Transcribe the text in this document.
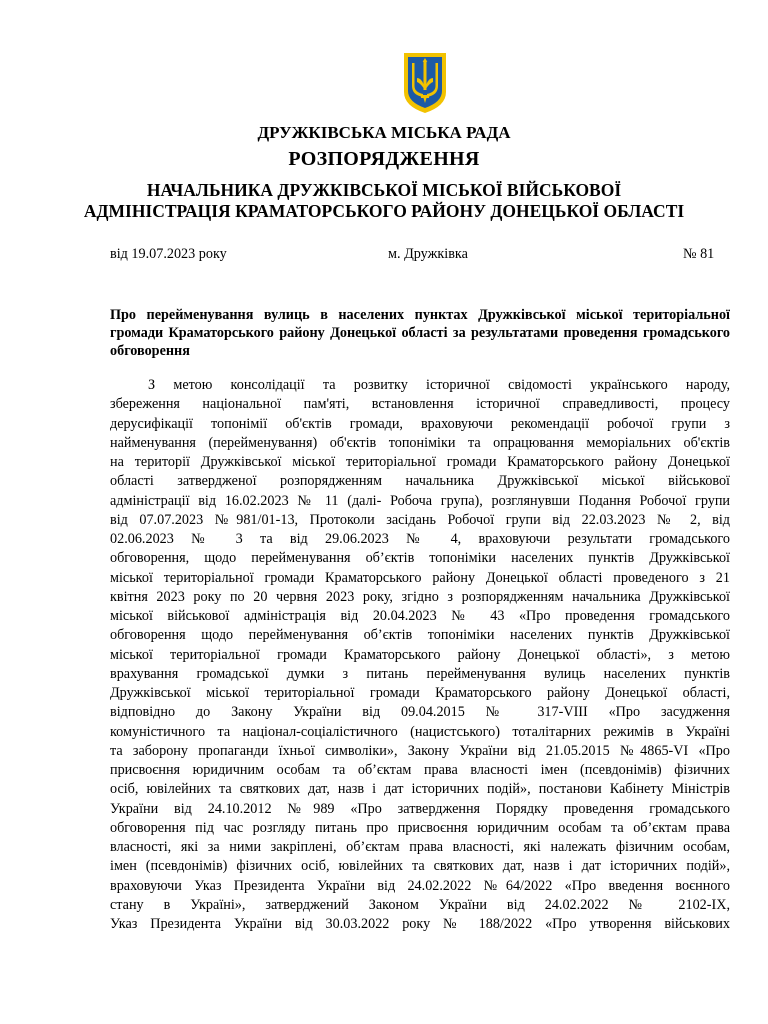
ДРУЖКІВСЬКА МІСЬКА РАДА
РОЗПОРЯДЖЕННЯ
НАЧАЛЬНИКА ДРУЖКІВСЬКОЇ МІСЬКОЇ ВІЙСЬКОВОЇ
АДМІНІСТРАЦІЯ КРАМАТОРСЬКОГО РАЙОНУ ДОНЕЦЬКОЇ ОБЛАСТІ
від 19.07.2023 року	м. Дружківка	№ 81
Про перейменування вулиць в населених пунктах Дружківської міської територіальної громади Краматорського району Донецької області за результатами проведення громадського обговорення
З метою консолідації та розвитку історичної свідомості українського народу,
збереження національної пам'яті, встановлення історичної справедливості, процесу
дерусифікації топонімії об'єктів громади, враховуючи рекомендації робочої групи з
найменування (перейменування) об'єктів топоніміки та опрацювання меморіальних об'єктів
на території Дружківської міської територіальної громади Краматорського району Донецької
області затвердженої розпорядженням начальника Дружківської міської військової
адміністрації від 16.02.2023 № 11 (далі- Робоча група), розглянувши Подання Робочої групи
від 07.07.2023 №981/01-13, Протоколи засідань Робочої групи від 22.03.2023 № 2, від
02.06.2023 № 3 та від 29.06.2023 № 4, враховуючи результати громадського
обговорення, щодо перейменування об’єктів топоніміки населених пунктів Дружківської
міської територіальної громади Краматорського району Донецької області проведеного з 21
квітня 2023 року по 20 червня 2023 року, згідно з розпорядженням начальника Дружківської
міської військової адміністрація від 20.04.2023 № 43 «Про проведення громадського
обговорення щодо перейменування об’єктів топоніміки населених пунктів Дружківської
міської територіальної громади Краматорського району Донецької області», з метою
врахування громадської думки з питань перейменування вулиць населених пунктів
Дружківської міської територіальної громади Краматорського району Донецької області,
відповідно до Закону України від 09.04.2015 № 317-VIII «Про засудження
комуністичного та націонал-соціалістичного (нацистського) тоталітарних режимів в Україні
та заборону пропаганди їхньої символіки», Закону України від 21.05.2015 №4865-VI «Про
присвоєння юридичним особам та об’єктам права власності імен (псевдонімів) фізичних
осіб, ювілейних та святкових дат, назв і дат історичних подій», постанови Кабінету Міністрів
України від 24.10.2012 №989 «Про затвердження Порядку проведення громадського
обговорення під час розгляду питань про присвоєння юридичним особам та об’єктам права
власності, які за ними закріплені, об’єктам права власності, які належать фізичним особам,
імен (псевдонімів) фізичних осіб, ювілейних та святкових дат, назв і дат історичних подій»,
враховуючи Указ Президента України від 24.02.2022 №64/2022 «Про введення воєнного
стану в Україні», затверджений Законом України від 24.02.2022 № 2102-IX,
Указ Президента України від 30.03.2022 року № 188/2022 «Про утворення військових
